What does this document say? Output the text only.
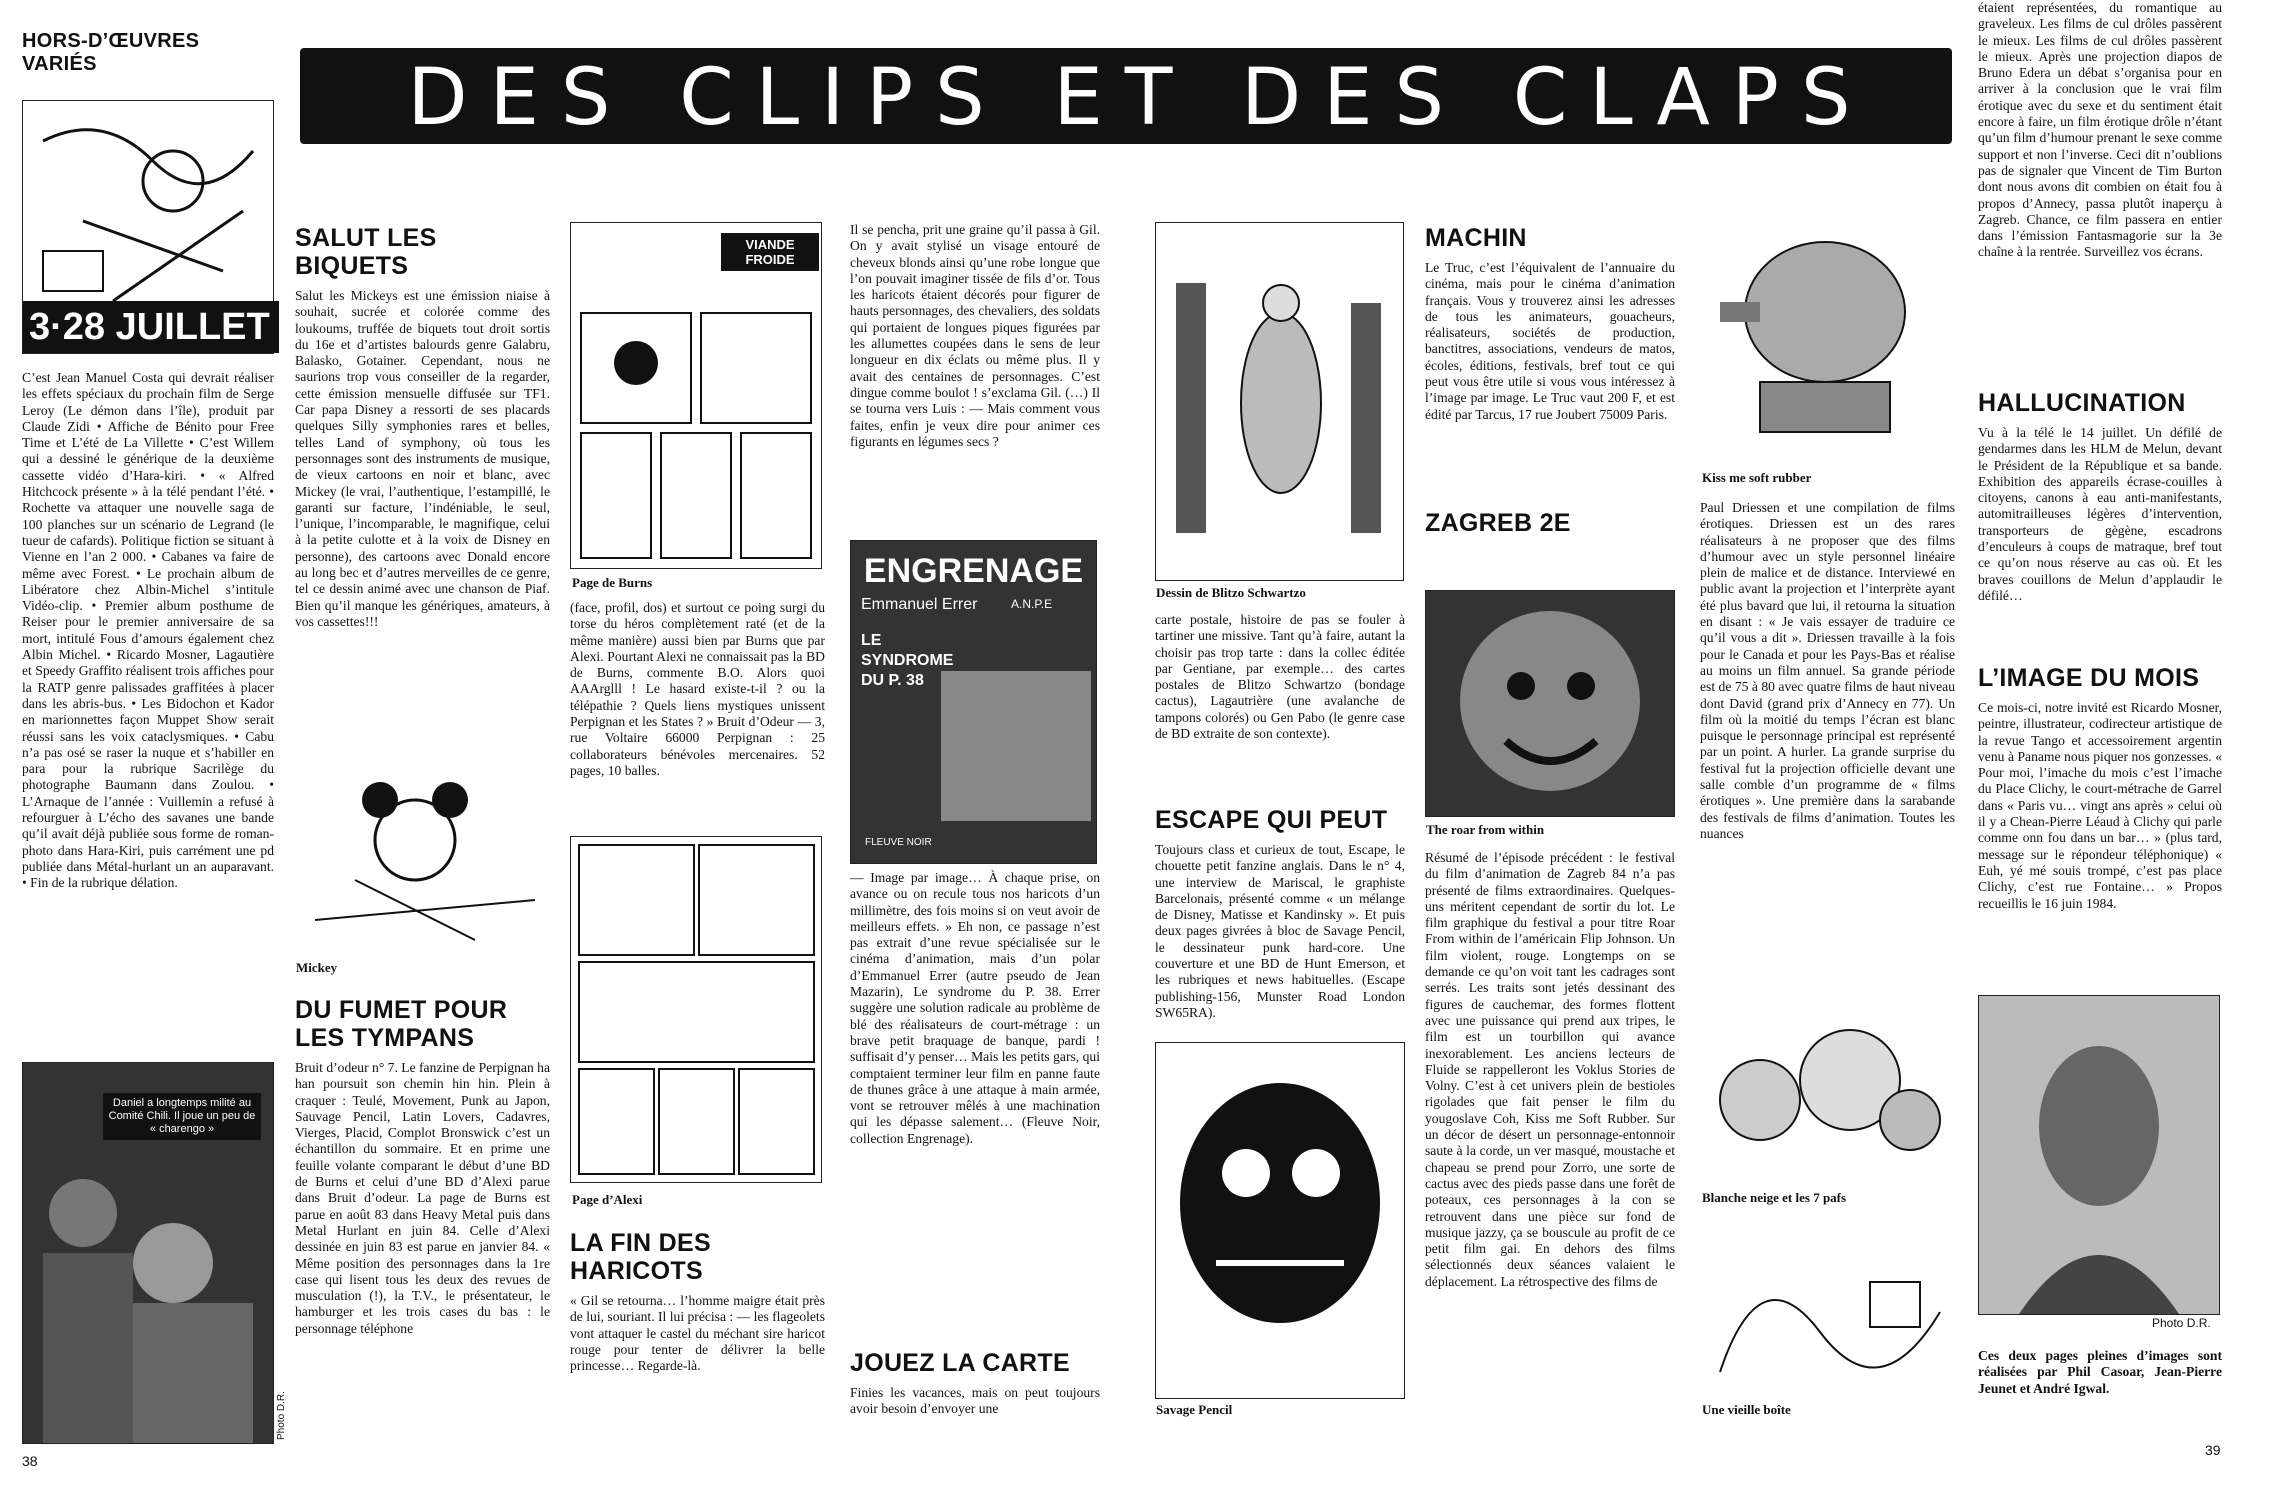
DES CLIPS ET DES CLAPS
HORS-D’ŒUVRES VARIÉS
3·28 JUILLET

C’est Jean Manuel Costa qui devrait réaliser les effets spéciaux du prochain film de Serge Leroy (Le démon dans l’île), produit par Claude Zidi • Affiche de Bénito pour Free Time et L’été de La Villette • C’est Willem qui a dessiné le générique de la deuxième cassette vidéo d’Hara-kiri. • « Alfred Hitchcock présente » à la télé pendant l’été. • Rochette va attaquer une nouvelle saga de 100 planches sur un scénario de Legrand (le tueur de cafards). Politique fiction se situant à Vienne en l’an 2 000. • Cabanes va faire de même avec Forest. • Le prochain album de Libératore chez Albin-Michel s’intitule Vidéo-clip. • Premier album posthume de Reiser pour le premier anniversaire de sa mort, intitulé Fous d’amours également chez Albin Michel. • Ricardo Mosner, Lagautière et Speedy Graffito réalisent trois affiches pour la RATP genre palissades graffitées à placer dans les abris-bus. • Les Bidochon et Kador en marionnettes façon Muppet Show serait réussi sans les voix cataclysmiques. • Cabu n’a pas osé se raser la nuque et s’habiller en para pour la rubrique Sacrilège du photographe Baumann dans Zoulou. • L’Arnaque de l’année : Vuillemin a refusé à refourguer à L’écho des savanes une bande qu’il avait déjà publiée sous forme de roman-photo dans Hara-Kiri, puis carrément une pd publiée dans Métal-hurlant un an auparavant. • Fin de la rubrique délation.

Daniel a longtemps milité au Comité Chili. Il joue un peu de « charengo »
Photo D.R.
SALUT LES BIQUETS

Salut les Mickeys est une émission niaise à souhait, sucrée et colorée comme des loukoums, truffée de biquets tout droit sortis du 16e et d’artistes balourds genre Galabru, Balasko, Gotainer. Cependant, nous ne saurions trop vous conseiller de la regarder, cette émission mensuelle diffusée sur TF1. Car papa Disney a ressorti de ses placards quelques Silly symphonies rares et belles, telles Land of symphony, où tous les personnages sont des instruments de musique, de vieux cartoons en noir et blanc, avec Mickey (le vrai, l’authentique, l’estampillé, le garanti sur facture, l’indéniable, le seul, l’unique, l’incomparable, le magnifique, celui à la petite culotte et à la voix de Disney en personne), des cartoons avec Donald encore au long bec et d’autres merveilles de ce genre, tel ce dessin animé avec une chanson de Piaf. Bien qu’il manque les génériques, amateurs, à vos cassettes!!!

Mickey
DU FUMET POUR LES TYMPANS

Bruit d’odeur n° 7. Le fanzine de Perpignan ha han poursuit son chemin hin hin. Plein à craquer : Teulé, Movement, Punk au Japon, Sauvage Pencil, Latin Lovers, Cadavres, Vierges, Placid, Complot Bronswick c’est un échantillon du sommaire. Et en prime une feuille volante comparant le début d’une BD de Burns et celui d’une BD d’Alexi parue dans Bruit d’odeur. La page de Burns est parue en août 83 dans Heavy Metal puis dans Metal Hurlant en juin 84. Celle d’Alexi dessinée en juin 83 est parue en janvier 84. « Même position des personnages dans la 1re case qui lisent tous les deux des revues de musculation (!), la T.V., le présentateur, le hamburger et les trois cases du bas : le personnage téléphone

VIANDE FROIDE
Page de Burns

(face, profil, dos) et surtout ce poing surgi du torse du héros complètement raté (et de la même manière) aussi bien par Burns que par Alexi. Pourtant Alexi ne connaissait pas la BD de Burns, commente B.O. Alors quoi AAArglll ! Le hasard existe-t-il ? ou la télépathie ? Quels liens mystiques unissent Perpignan et les States ? » Bruit d’Odeur — 3, rue Voltaire 66000 Perpignan : 25 collaborateurs bénévoles mercenaires. 52 pages, 10 balles.

Page d’Alexi
LA FIN DES HARICOTS

« Gil se retourna… l’homme maigre était près de lui, souriant. Il lui précisa : — les flageolets vont attaquer le castel du méchant sire haricot rouge pour tenter de délivrer la belle princesse… Regarde-là.

Il se pencha, prit une graine qu’il passa à Gil. On y avait stylisé un visage entouré de cheveux blonds ainsi qu’une robe longue que l’on pouvait imaginer tissée de fils d’or. Tous les haricots étaient décorés pour figurer de hauts personnages, des chevaliers, des soldats qui portaient de longues piques figurées par les allumettes coupées dans le sens de leur longueur en dix éclats ou même plus. Il y avait des centaines de personnages. C’est dingue comme boulot ! s’exclama Gil. (…) Il se tourna vers Luis : — Mais comment vous faites, enfin je veux dire pour animer ces figurants en légumes secs ?

ENGRENAGE
Emmanuel Errer	A.N.P.E
LE SYNDROME DU P. 38
FLEUVE NOIR

— Image par image… À chaque prise, on avance ou on recule tous nos haricots d’un millimètre, des fois moins si on veut avoir de meilleurs effets. » Eh non, ce passage n’est pas extrait d’une revue spécialisée sur le cinéma d’animation, mais d’un polar d’Emmanuel Errer (autre pseudo de Jean Mazarin), Le syndrome du P. 38. Errer suggère une solution radicale au problème de blé des réalisateurs de court-métrage : un brave petit braquage de banque, pardi ! suffisait d’y penser… Mais les petits gars, qui comptaient terminer leur film en panne faute de thunes grâce à une attaque à main armée, vont se retrouver mêlés à une machination qui les dépasse salement… (Fleuve Noir, collection Engrenage).

JOUEZ LA CARTE

Finies les vacances, mais on peut toujours avoir besoin d’envoyer une

Dessin de Blitzo Schwartzo

carte postale, histoire de pas se fouler à tartiner une missive. Tant qu’à faire, autant la choisir pas trop tarte : dans la collec éditée par Gentiane, par exemple… des cartes postales de Blitzo Schwartzo (bondage cactus), Lagautrière (une avalanche de tampons colorés) ou Gen Pabo (le genre case de BD extraite de son contexte).

ESCAPE QUI PEUT

Toujours class et curieux de tout, Escape, le chouette petit fanzine anglais. Dans le n° 4, une interview de Mariscal, le graphiste Barcelonais, présenté comme « un mélange de Disney, Matisse et Kandinsky ». Et puis deux pages givrées à bloc de Savage Pencil, le dessinateur punk hard-core. Une couverture et une BD de Hunt Emerson, et les rubriques et news habituelles. (Escape publishing-156, Munster Road London SW65RA).

Savage Pencil
MACHIN

Le Truc, c’est l’équivalent de l’annuaire du cinéma, mais pour le cinéma d’animation français. Vous y trouverez ainsi les adresses de tous les animateurs, gouacheurs, réalisateurs, sociétés de production, banctitres, associations, vendeurs de matos, écoles, éditions, festivals, bref tout ce qui peut vous être utile si vous vous intéressez à l’image par image. Le Truc vaut 200 F, et est édité par Tarcus, 17 rue Joubert 75009 Paris.

ZAGREB 2E
The roar from within

Résumé de l’épisode précédent : le festival du film d’animation de Zagreb 84 n’a pas présenté de films extraordinaires. Quelques-uns méritent cependant de sortir du lot. Le film graphique du festival a pour titre Roar From within de l’américain Flip Johnson. Un film violent, rouge. Longtemps on se demande ce qu’on voit tant les cadrages sont serrés. Les traits sont jetés dessinant des figures de cauchemar, des formes flottent avec une puissance qui prend aux tripes, le film est un tourbillon qui avance inexorablement. Les anciens lecteurs de Fluide se rappelleront les Voklus Stories de Volny. C’est à cet univers plein de bestioles rigolades que fait penser le film du yougoslave Coh, Kiss me Soft Rubber. Sur un décor de désert un personnage-entonnoir saute à la corde, un ver masqué, moustache et chapeau se prend pour Zorro, une sorte de cactus avec des pieds passe dans une forêt de poteaux, ces personnages à la con se retrouvent dans une pièce sur fond de musique jazzy, ça se bouscule au profit de ce petit film gai. En dehors des films sélectionnés deux séances valaient le déplacement. La rétrospective des films de

Kiss me soft rubber

Paul Driessen et une compilation de films érotiques. Driessen est un des rares réalisateurs à ne proposer que des films d’humour avec un style personnel linéaire plein de malice et de distance. Interviewé en public avant la projection et l’interprète ayant été plus bavard que lui, il retourna la situation en disant : « Je vais essayer de traduire ce qu’il vous a dit ». Driessen travaille à la fois pour le Canada et pour les Pays-Bas et réalise au moins un film annuel. Sa grande période est de 75 à 80 avec quatre films de haut niveau dont David (grand prix d’Annecy en 77). Un film où la moitié du temps l’écran est blanc puisque le personnage principal est représenté par un point. A hurler. La grande surprise du festival fut la projection officielle devant une salle comble d’un programme de « films érotiques ». Une première dans la sarabande des festivals de films d’animation. Toutes les nuances

Blanche neige et les 7 pafs
Une vieille boîte

étaient représentées, du romantique au graveleux. Les films de cul drôles passèrent le mieux. Les films de cul drôles passèrent le mieux. Après une projection diapos de Bruno Edera un débat s’organisa pour en arriver à la conclusion que le vrai film érotique avec du sexe et du sentiment était encore à faire, un film érotique drôle n’étant qu’un film d’humour prenant le sexe comme support et non l’inverse. Ceci dit n’oublions pas de signaler que Vincent de Tim Burton dont nous avons dit combien on était fou à propos d’Annecy, passa plutôt inaperçu à Zagreb. Chance, ce film passera en entier dans l’émission Fantasmagorie sur la 3e chaîne à la rentrée. Surveillez vos écrans.

HALLUCINATION

Vu à la télé le 14 juillet. Un défilé de gendarmes dans les HLM de Melun, devant le Président de la République et sa bande. Exhibition des appareils écrase-couilles à citoyens, canons à eau anti-manifestants, automitrailleuses légères d’intervention, transporteurs de gègène, escadrons d’enculeurs à coups de matraque, bref tout ce qu’on nous réserve au cas où. Et les braves couillons de Melun d’applaudir le défilé…

L’IMAGE DU MOIS

Ce mois-ci, notre invité est Ricardo Mosner, peintre, illustrateur, codirecteur artistique de la revue Tango et accessoirement argentin venu à Paname nous piquer nos gonzesses. « Pour moi, l’imache du mois c’est l’imache du Place Clichy, le court-métrache de Garrel dans « Paris vu… vingt ans après » celui où il y a Chean-Pierre Léaud à Clichy qui parle comme onn fou dans un bar… » (plus tard, message sur le répondeur téléphonique) « Euh, yé mé souis trompé, c’est pas place Clichy, c’est rue Fontaine… » Propos recueillis le 16 juin 1984.

Photo D.R.

Ces deux pages pleines d’images sont réalisées par Phil Casoar, Jean-Pierre Jeunet et André Igwal.

38
39
